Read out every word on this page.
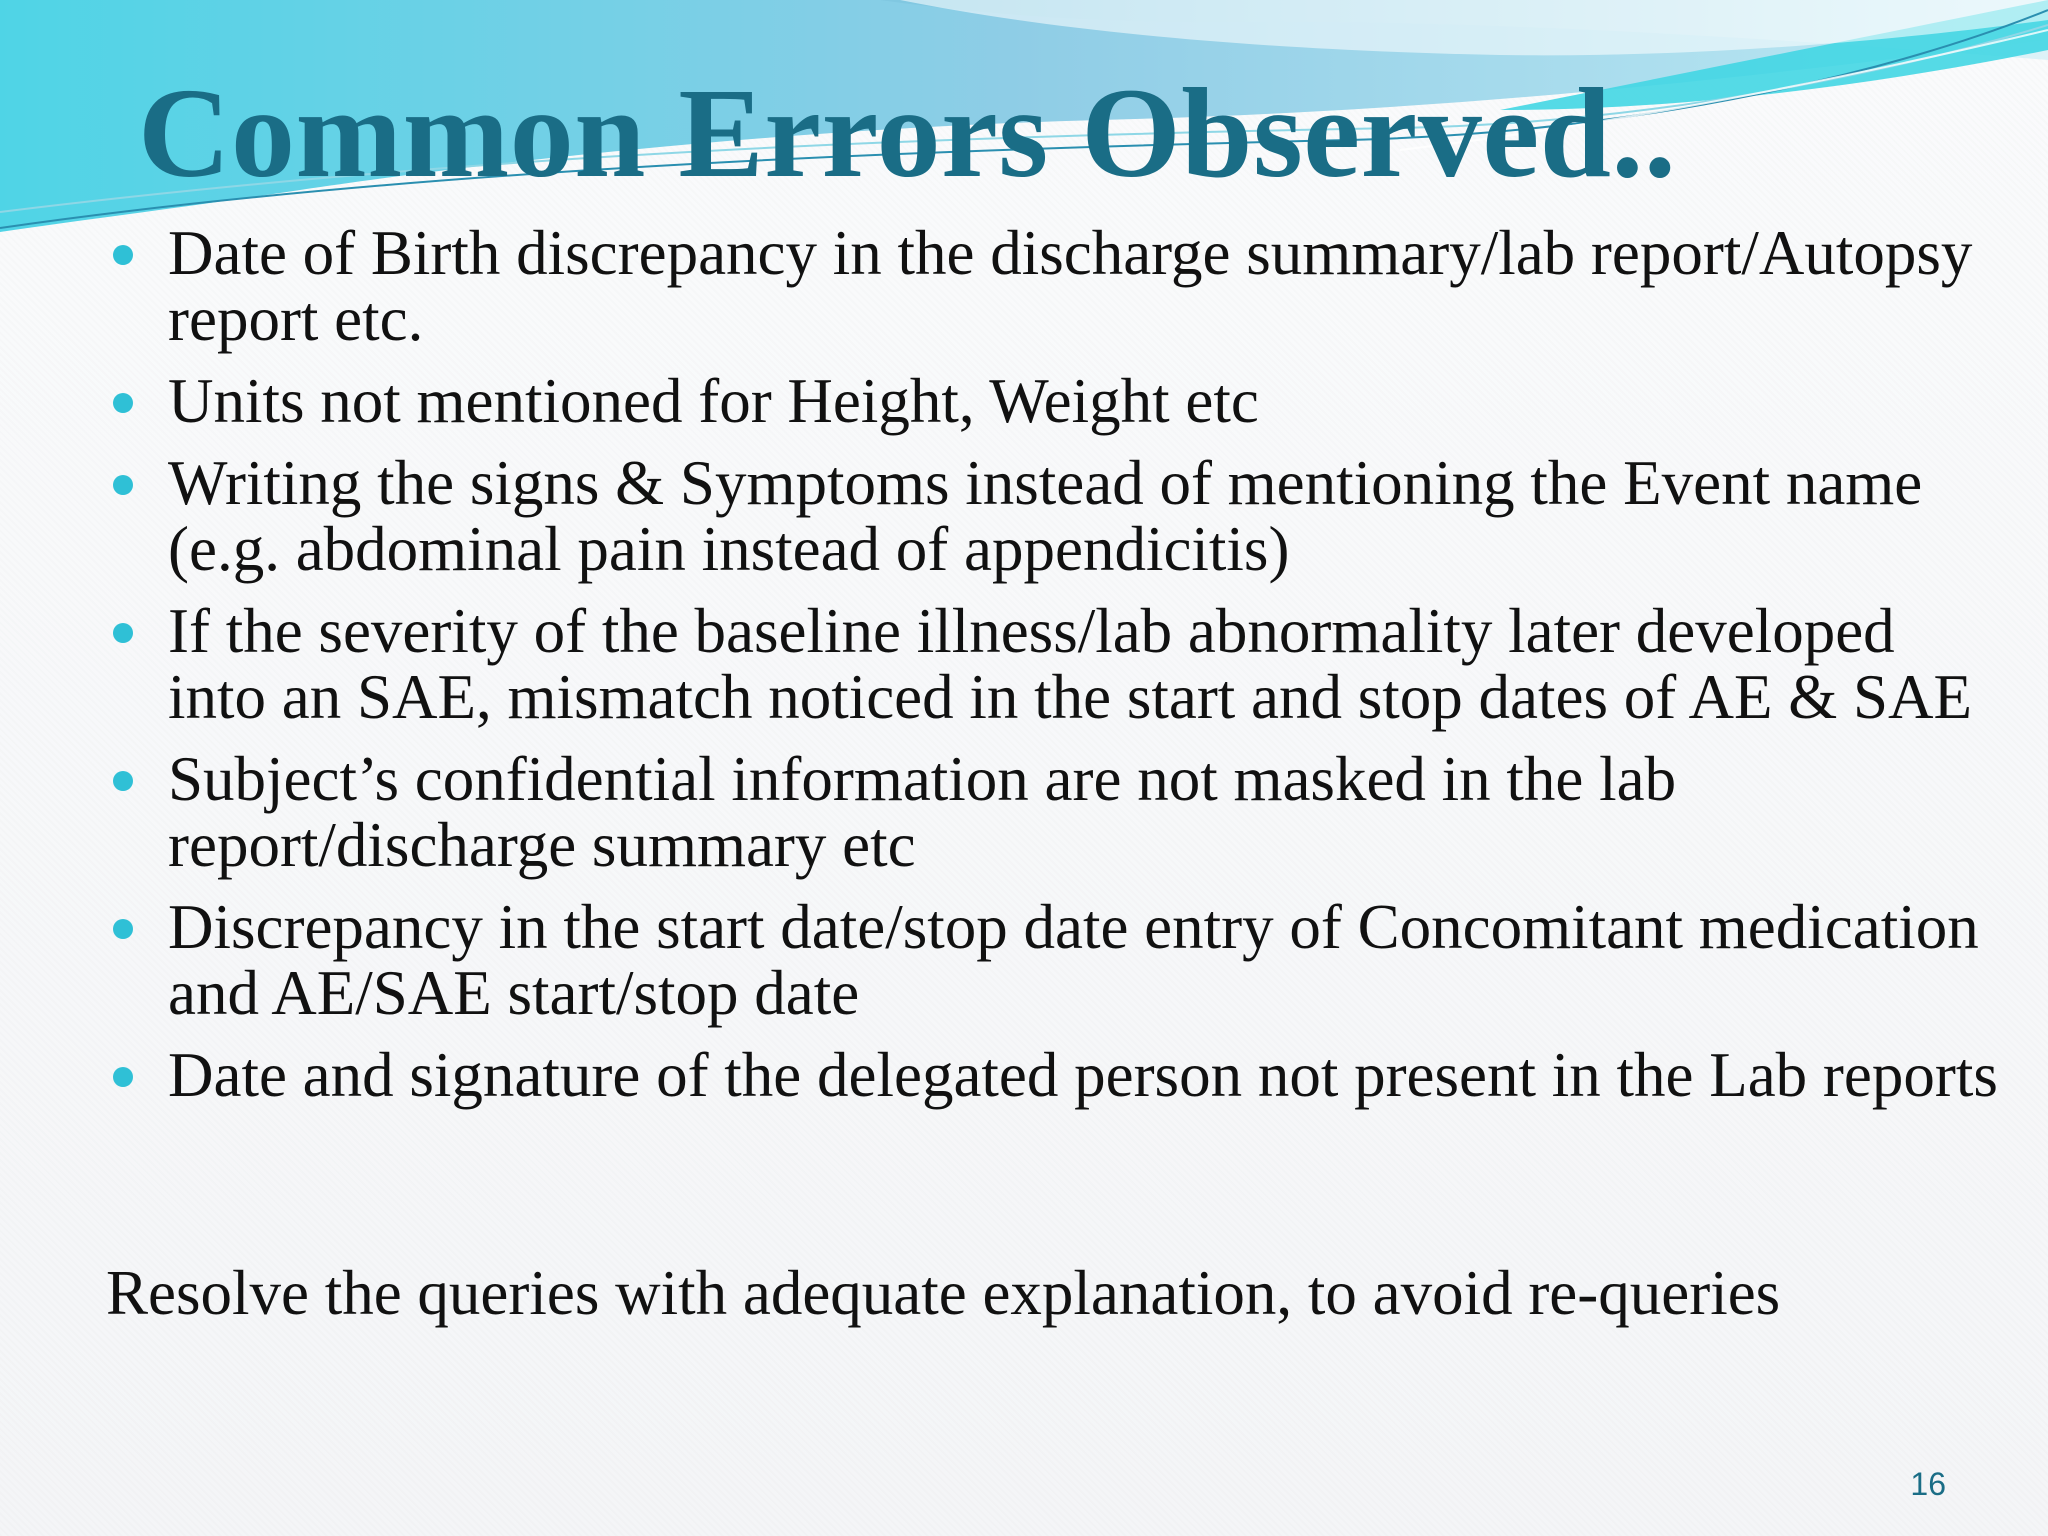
Common Errors Observed..
Date of Birth discrepancy in the discharge summary/lab report/Autopsy report etc.
Units not mentioned for Height, Weight etc
Writing the signs & Symptoms instead of mentioning the Event name (e.g. abdominal pain instead of appendicitis)
If the severity of the baseline illness/lab abnormality later developed into an SAE, mismatch noticed in the start and stop dates of AE & SAE
Subject’s confidential information are not masked in the lab report/discharge summary etc
Discrepancy in the start date/stop date entry of Concomitant medication and AE/SAE start/stop date
Date and signature of the delegated person not present in the Lab reports

Resolve the queries with adequate explanation, to avoid re-queries

16
